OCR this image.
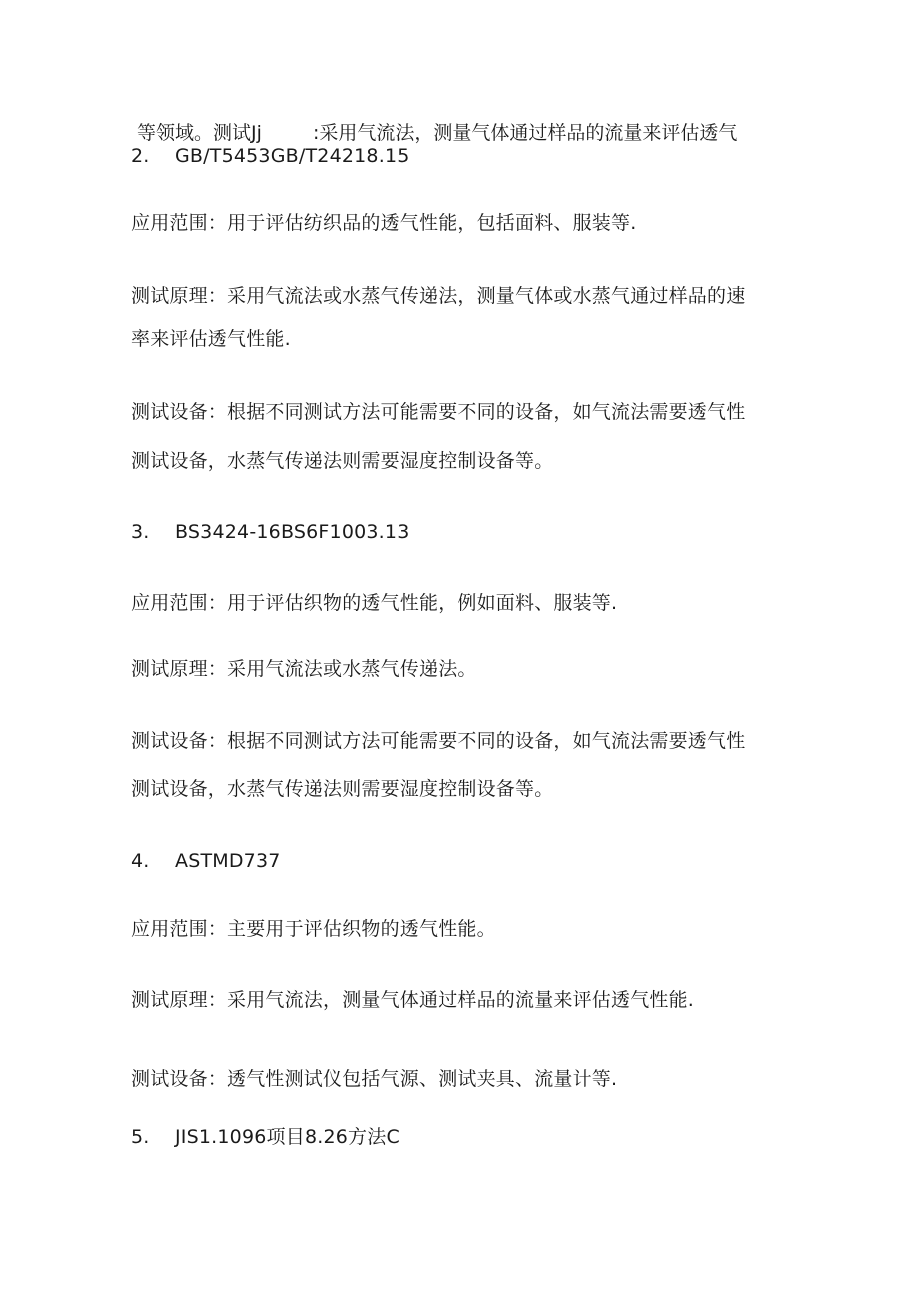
等领域。测试Jj	:采用气流法，测量气体通过样品的流量来评估透气
2. GB/T5453GB/T24218.15
应用范围：用于评估纺织品的透气性能，包括面料、服装等.
测试原理：采用气流法或水蒸气传递法，测量气体或水蒸气通过样品的速
率来评估透气性能.
测试设备：根据不同测试方法可能需要不同的设备，如气流法需要透气性
测试设备，水蒸气传递法则需要湿度控制设备等。
3. BS3424-16BS6F1003.13
应用范围：用于评估织物的透气性能，例如面料、服装等.
测试原理：采用气流法或水蒸气传递法。
测试设备：根据不同测试方法可能需要不同的设备，如气流法需要透气性
测试设备，水蒸气传递法则需要湿度控制设备等。
4. ASTMD737
应用范围：主要用于评估织物的透气性能。
测试原理：采用气流法，测量气体通过样品的流量来评估透气性能.
测试设备：透气性测试仪包括气源、测试夹具、流量计等.
5. JIS1.1096项目8.26方法C
